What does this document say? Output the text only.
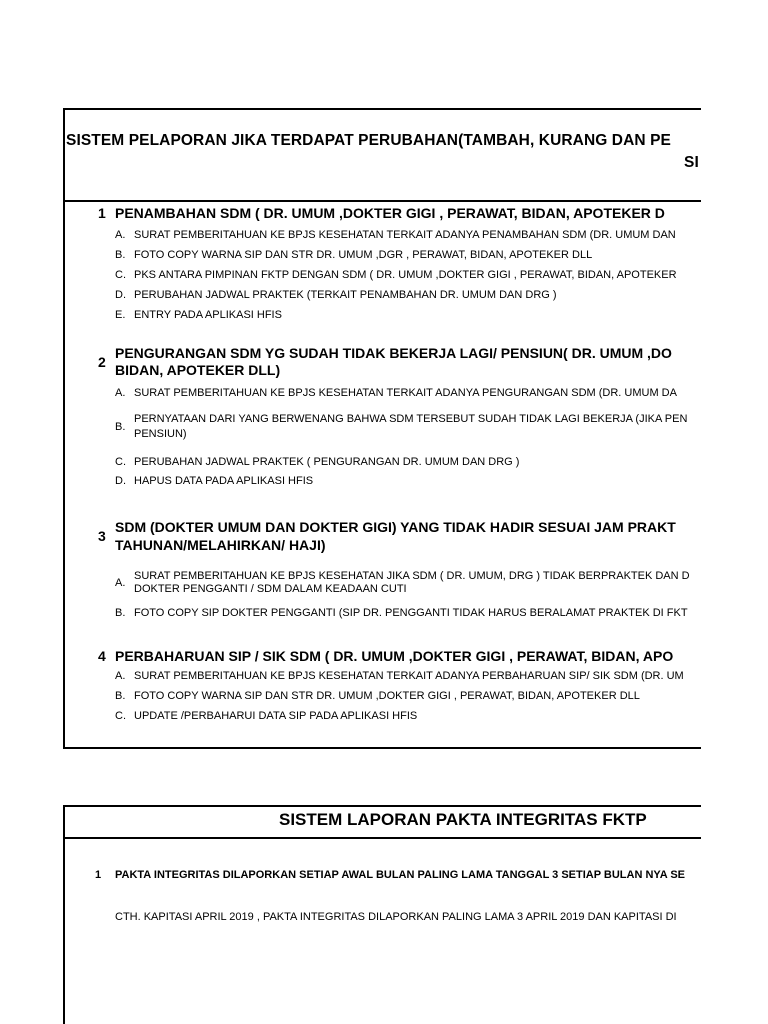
SISTEM PELAPORAN JIKA TERDAPAT PERUBAHAN(TAMBAH, KURANG DAN PE
SI
1 PENAMBAHAN SDM ( DR. UMUM ,DOKTER GIGI , PERAWAT, BIDAN, APOTEKER D
A. SURAT PEMBERITAHUAN KE BPJS KESEHATAN TERKAIT ADANYA PENAMBAHAN SDM (DR. UMUM DAN
B. FOTO COPY WARNA SIP DAN STR DR. UMUM ,DGR , PERAWAT, BIDAN, APOTEKER DLL
C. PKS ANTARA PIMPINAN FKTP DENGAN SDM ( DR. UMUM ,DOKTER GIGI , PERAWAT, BIDAN, APOTEKER
D. PERUBAHAN JADWAL PRAKTEK (TERKAIT PENAMBAHAN DR. UMUM DAN DRG )
E. ENTRY PADA APLIKASI HFIS
2
PENGURANGAN SDM YG SUDAH TIDAK BEKERJA LAGI/ PENSIUN( DR. UMUM ,DO
BIDAN, APOTEKER DLL)
A. SURAT PEMBERITAHUAN KE BPJS KESEHATAN TERKAIT ADANYA PENGURANGAN SDM (DR. UMUM DA
B.
PERNYATAAN DARI YANG BERWENANG BAHWA SDM TERSEBUT SUDAH TIDAK LAGI BEKERJA (JIKA PEN
PENSIUN)
C. PERUBAHAN JADWAL PRAKTEK ( PENGURANGAN DR. UMUM DAN DRG )
D. HAPUS DATA PADA APLIKASI HFIS
3
SDM (DOKTER UMUM DAN DOKTER GIGI) YANG TIDAK HADIR SESUAI JAM PRAKT
TAHUNAN/MELAHIRKAN/ HAJI)
A.
SURAT PEMBERITAHUAN KE BPJS KESEHATAN JIKA SDM ( DR. UMUM, DRG ) TIDAK BERPRAKTEK DAN D
DOKTER PENGGANTI / SDM DALAM KEADAAN CUTI
B. FOTO COPY SIP DOKTER PENGGANTI (SIP DR. PENGGANTI TIDAK HARUS BERALAMAT PRAKTEK DI FKT
4 PERBAHARUAN SIP / SIK SDM ( DR. UMUM ,DOKTER GIGI , PERAWAT, BIDAN, APO
A. SURAT PEMBERITAHUAN KE BPJS KESEHATAN TERKAIT ADANYA PERBAHARUAN SIP/ SIK SDM (DR. UM
B. FOTO COPY WARNA SIP DAN STR DR. UMUM ,DOKTER GIGI , PERAWAT, BIDAN, APOTEKER DLL
C. UPDATE /PERBAHARUI DATA SIP PADA APLIKASI HFIS
SISTEM LAPORAN PAKTA INTEGRITAS FKTP
1 PAKTA INTEGRITAS DILAPORKAN SETIAP AWAL BULAN PALING LAMA TANGGAL 3 SETIAP BULAN NYA SE
CTH. KAPITASI APRIL 2019 , PAKTA INTEGRITAS DILAPORKAN PALING LAMA 3 APRIL 2019 DAN KAPITASI DI
